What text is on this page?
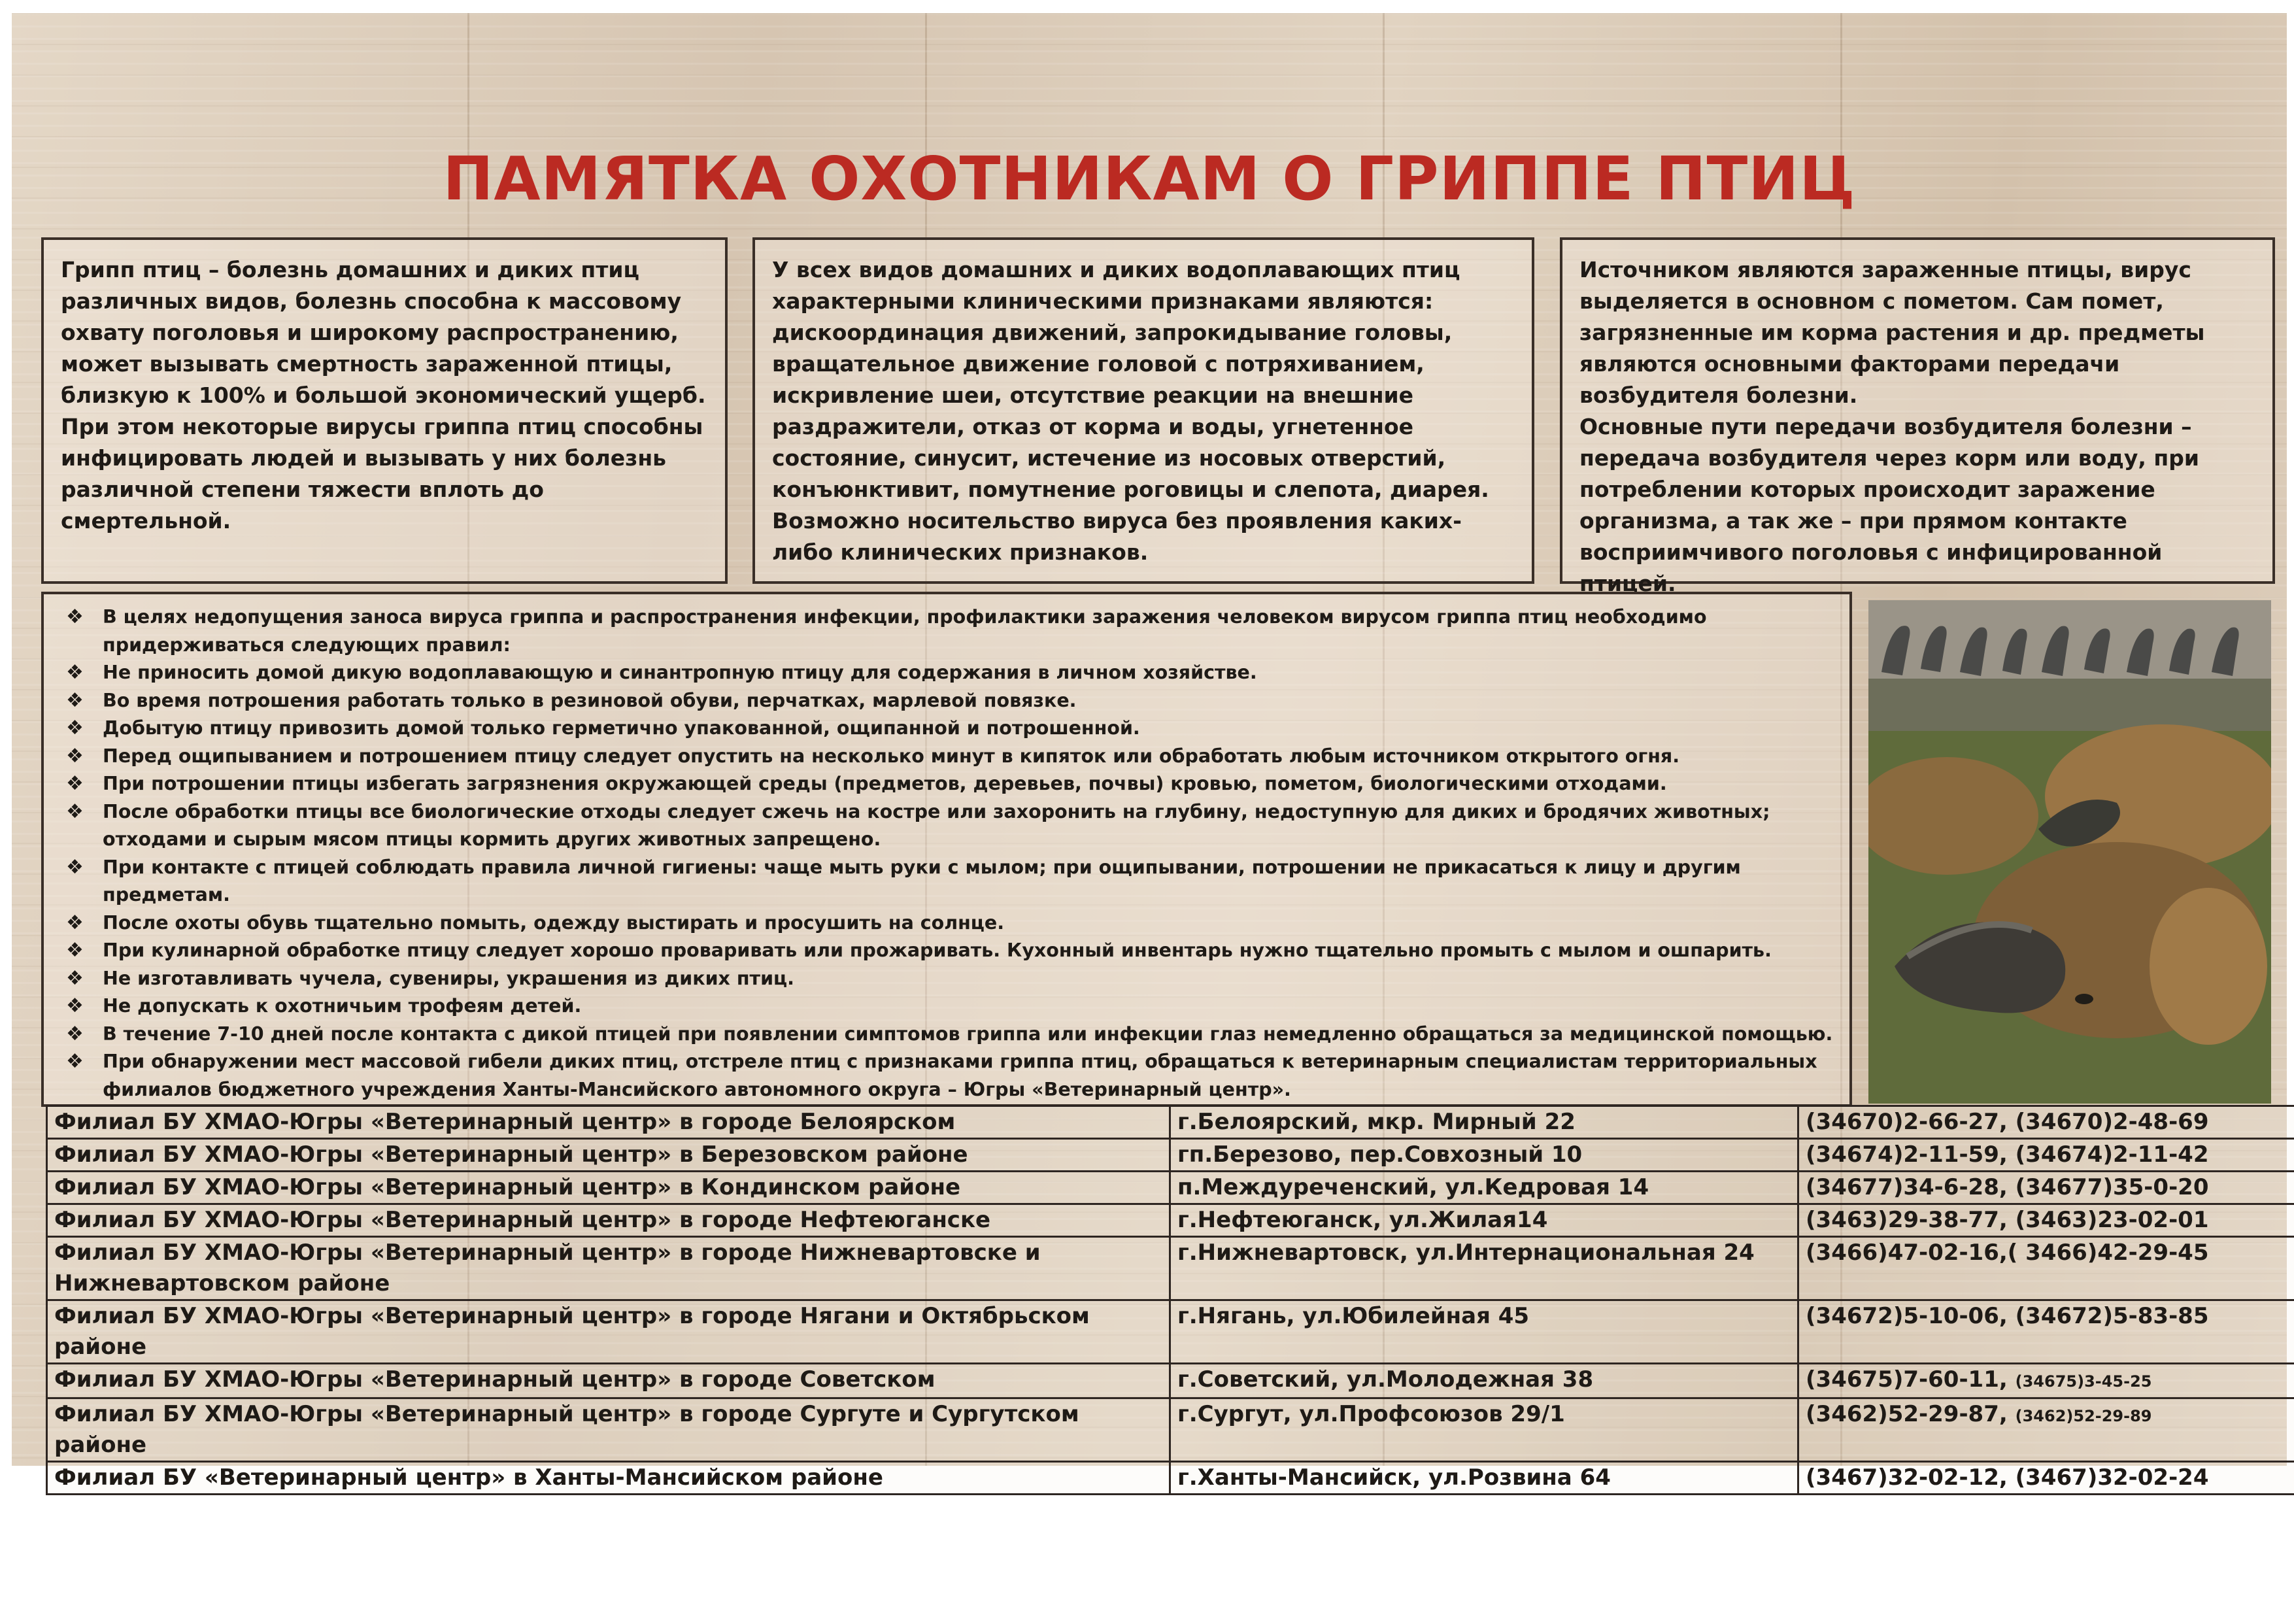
ПАМЯТКА ОХОТНИКАМ О ГРИППЕ ПТИЦ

Грипп птиц – болезнь домашних и диких птиц различных видов, болезнь способна к массовому охвату поголовья и широкому распространению, может вызывать смертность зараженной птицы, близкую к 100% и большой экономический ущерб. При этом некоторые вирусы гриппа птиц способны инфицировать людей и вызывать у них болезнь различной степени тяжести вплоть до смертельной.

У всех видов домашних и диких водоплавающих птиц характерными клиническими признаками являются: дискоординация движений, запрокидывание головы, вращательное движение головой с потряхиванием, искривление шеи, отсутствие реакции на внешние раздражители, отказ от корма и воды, угнетенное состояние, синусит, истечение из носовых отверстий, конъюнктивит, помутнение роговицы и слепота, диарея. Возможно носительство вируса без проявления каких-либо клинических признаков.

Источником являются зараженные птицы, вирус выделяется в основном с пометом. Сам помет, загрязненные им корма растения и др. предметы являются основными факторами передачи возбудителя болезни.

Основные пути передачи возбудителя болезни – передача возбудителя через корм или воду, при потреблении которых происходит заражение организма, а так же – при прямом контакте восприимчивого поголовья с инфицированной птицей.

❖ В целях недопущения заноса вируса гриппа и распространения инфекции, профилактики заражения человеком вирусом гриппа птиц необходимо придерживаться следующих правил:
❖ Не приносить домой дикую водоплавающую и синантропную птицу для содержания в личном хозяйстве.
❖ Во время потрошения работать только в резиновой обуви, перчатках, марлевой повязке.
❖ Добытую птицу привозить домой только герметично упакованной, ощипанной и потрошенной.
❖ Перед ощипыванием и потрошением птицу следует опустить на несколько минут в кипяток или обработать любым источником открытого огня.
❖ При потрошении птицы избегать загрязнения окружающей среды (предметов, деревьев, почвы) кровью, пометом, биологическими отходами.
❖ После обработки птицы все биологические отходы следует сжечь на костре или захоронить на глубину, недоступную для диких и бродячих животных; отходами и сырым мясом птицы кормить других животных запрещено.
❖ При контакте с птицей соблюдать правила личной гигиены: чаще мыть руки с мылом; при ощипывании, потрошении не прикасаться к лицу и другим предметам.
❖ После охоты обувь тщательно помыть, одежду выстирать и просушить на солнце.
❖ При кулинарной обработке птицу следует хорошо проваривать или прожаривать. Кухонный инвентарь нужно тщательно промыть с мылом и ошпарить.
❖ Не изготавливать чучела, сувениры, украшения из диких птиц.
❖ Не допускать к охотничьим трофеям детей.
❖ В течение 7-10 дней после контакта с дикой птицей при появлении симптомов гриппа или инфекции глаз немедленно обращаться за медицинской помощью.
❖ При обнаружении мест массовой гибели диких птиц, отстреле птиц с признаками гриппа птиц, обращаться к ветеринарным специалистам территориальных филиалов бюджетного учреждения Ханты-Мансийского автономного округа – Югры «Ветеринарный центр».
Филиал БУ ХМАО-Югры «Ветеринарный центр» в городе Белоярском	г.Белоярский, мкр. Мирный 22	(34670)2-66-27, (34670)2-48-69
Филиал БУ ХМАО-Югры «Ветеринарный центр» в Березовском районе	гп.Березово, пер.Совхозный 10	(34674)2-11-59, (34674)2-11-42
Филиал БУ ХМАО-Югры «Ветеринарный центр» в Кондинском районе	п.Междуреченский, ул.Кедровая 14	(34677)34-6-28, (34677)35-0-20
Филиал БУ ХМАО-Югры «Ветеринарный центр» в городе Нефтеюганске	г.Нефтеюганск, ул.Жилая14	(3463)29-38-77, (3463)23-02-01
Филиал БУ ХМАО-Югры «Ветеринарный центр» в городе Нижневартовске и Нижневартовском районе	г.Нижневартовск, ул.Интернациональная 24	(3466)47-02-16,( 3466)42-29-45
Филиал БУ ХМАО-Югры «Ветеринарный центр» в городе Нягани и Октябрьском районе	г.Нягань, ул.Юбилейная 45	(34672)5-10-06, (34672)5-83-85
Филиал БУ ХМАО-Югры «Ветеринарный центр» в городе Советском	г.Советский, ул.Молодежная 38	(34675)7-60-11, (34675)3-45-25
Филиал БУ ХМАО-Югры «Ветеринарный центр» в городе Сургуте и Сургутском районе	г.Сургут, ул.Профсоюзов 29/1	(3462)52-29-87, (3462)52-29-89
Филиал БУ «Ветеринарный центр» в Ханты-Мансийском районе	г.Ханты-Мансийск, ул.Розвина 64	(3467)32-02-12, (3467)32-02-24
